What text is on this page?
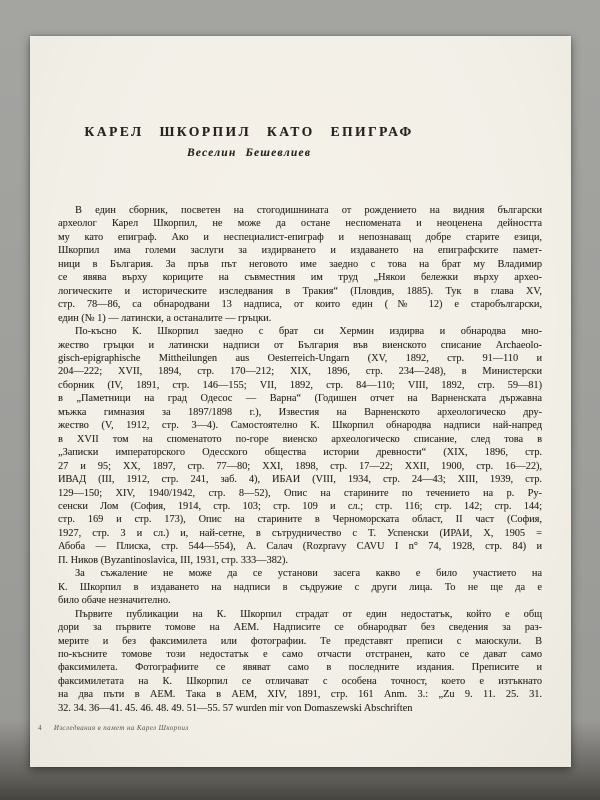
КАРЕЛ ШКОРПИЛ КАТО ЕПИГРАФ
Веселин Бешевлиев
В един сборник, посветен на стогодишнината от рождението на видния български
археолог Карел Шкорпил, не може да остане неспомената и неоценена дейността
му като епиграф. Ако и неспециалист-епиграф и непознаващ добре старите езици,
Шкорпил има големи заслуги за издирването и издаването на епиграфските памет-
ници в България. За пръв път неговото име заедно с това на брат му Владимир
се явява върху кориците на съвместния им труд „Някои бележки върху архео-
логическите и историческите изследвания в Тракия“ (Пловдив, 1885). Тук в глава XV,
стр. 78—86, са обнародвани 13 надписа, от които един (№ 12) е старобългарски,
един (№ 1) — латински, а останалите — гръцки.
По-късно К. Шкорпил заедно с брат си Хермин издирва и обнародва мно-
жество гръцки и латински надписи от България във виенското списание Archaeolo-
gisch-epigraphische Mittheilungen aus Oesterreich-Ungarn (XV, 1892, стр. 91—110 и
204—222; XVII, 1894, стр. 170—212; XIX, 1896, стр. 234—248), в Министерски
сборник (IV, 1891, стр. 146—155; VII, 1892, стр. 84—110; VIII, 1892, стр. 59—81)
в „Паметници на град Одесос — Варна“ (Годишен отчет на Варненската държавна
мъжка гимназия за 1897/1898 г.), Известия на Варненското археологическо дру-
жество (V, 1912, стр. 3—4). Самостоятелно К. Шкорпил обнародва надписи най-напред
в XVII том на споменатото по-горе виенско археологическо списание, след това в
„Записки императорского Одесского общества истории древности“ (XIX, 1896, стр.
27 и 95; XX, 1897, стр. 77—80; XXI, 1898, стр. 17—22; XXII, 1900, стр. 16—22),
ИВАД (III, 1912, стр. 241, заб. 4), ИБАИ (VIII, 1934, стр. 24—43; XIII, 1939, стр.
129—150; XIV, 1940/1942, стр. 8—52), Опис на старините по течението на р. Ру-
сенски Лом (София, 1914, стр. 103; стр. 109 и сл.; стр. 116; стр. 142; стр. 144;
стр. 169 и стр. 173), Опис на старините в Черноморската област, II част (София,
1927, стр. 3 и сл.) и, най-сетне, в сътрудничество с Т. Успенски (ИРАИ, X, 1905 =
Абоба — Плиска, стр. 544—554), А. Салач (Rozpravy CAVU I n° 74, 1928, стр. 84) и
П. Ников (Byzantinoslavica, III, 1931, стр. 333—382).
За съжаление не може да се установи засега какво е било участието на
К. Шкорпил в издаването на надписи в съдружие с други лица. То не ще да е
било обаче незначително.
Първите публикации на К. Шкорпил страдат от един недостатък, който е общ
дори за първите томове на АЕМ. Надписите се обнародват без сведения за раз-
мерите и без факсимилета или фотографии. Те представят преписи с маюскули. В
по-късните томове този недостатък е само отчасти отстранен, като се дават само
факсимилета. Фотографиите се явяват само в последните издания. Преписите и
факсимилетата на К. Шкорпил се отличават с особена точност, което е изтъкнато
на два пъти в АЕМ. Така в АЕМ, XIV, 1891, стр. 161 Anm. 3.: „Zu 9. 11. 25. 31.
32. 34. 36—41. 45. 46. 48. 49. 51—55. 57 wurden mir von Domaszewski Abschriften
4 Изследвания в памет на Карел Шкорпил
